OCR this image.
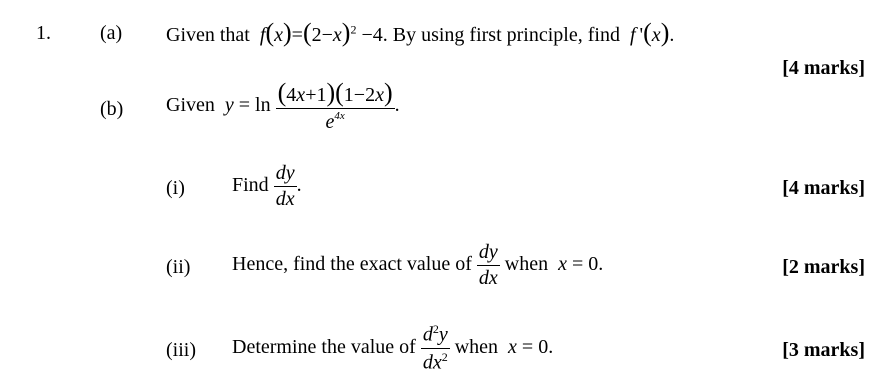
1. (a) Given that $f(x)=(2-x)^2 -4$. By using first principle, find f '(x).
[4 marks]
(b) Given $y = \ln \frac{(4x+1)(1-2x)}{e^{4x}}$ .
(i) Find $\frac{dy}{dx}$ .	[4 marks]
(ii) Hence, find the exact value of $\frac{dy}{dx}$ when x = 0.	[2 marks]
(iii) Determine the value of $\frac{d^2y}{dx^2}$ when x = 0.	[3 marks]
